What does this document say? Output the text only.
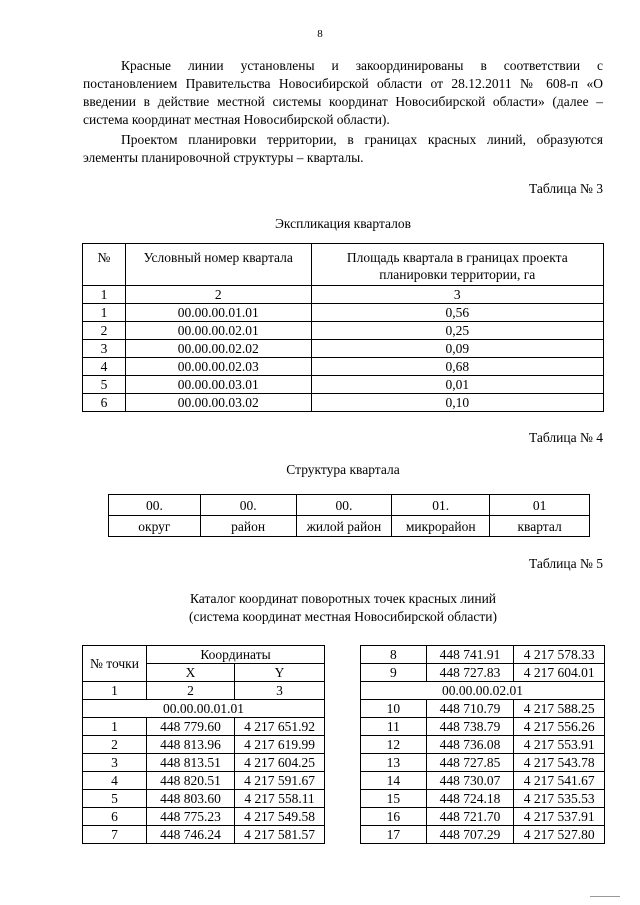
8

Красные линии установлены и закоординированы в соответствии с постановлением Правительства Новосибирской области от 28.12.2011 № 608-п «О введении в действие местной системы координат Новосибирской области» (далее – система координат местная Новосибирской области).

Проектом планировки территории, в границах красных линий, образуются элементы планировочной структуры – кварталы.

Таблица № 3
Экспликация кварталов
№	Условный номер квартала	Площадь квартала в границах проекта планировки территории, га
1	2	3
1	00.00.00.01.01	0,56
2	00.00.00.02.01	0,25
3	00.00.00.02.02	0,09
4	00.00.00.02.03	0,68
5	00.00.00.03.01	0,01
6	00.00.00.03.02	0,10
Таблица № 4
Структура квартала
00.	00.	00.	01.	01
округ	район	жилой район	микрорайон	квартал
Таблица № 5
Каталог координат поворотных точек красных линий
(система координат местная Новосибирской области)
№ точки	Координаты	
	X	Y
1	2	3
00.00.00.01.01		
1	448 779.60	4 217 651.92
2	448 813.96	4 217 619.99
3	448 813.51	4 217 604.25
4	448 820.51	4 217 591.67
5	448 803.60	4 217 558.11
6	448 775.23	4 217 549.58
7	448 746.24	4 217 581.57
8	448 741.91	4 217 578.33
9	448 727.83	4 217 604.01
00.00.00.02.01		
10	448 710.79	4 217 588.25
11	448 738.79	4 217 556.26
12	448 736.08	4 217 553.91
13	448 727.85	4 217 543.78
14	448 730.07	4 217 541.67
15	448 724.18	4 217 535.53
16	448 721.70	4 217 537.91
17	448 707.29	4 217 527.80
